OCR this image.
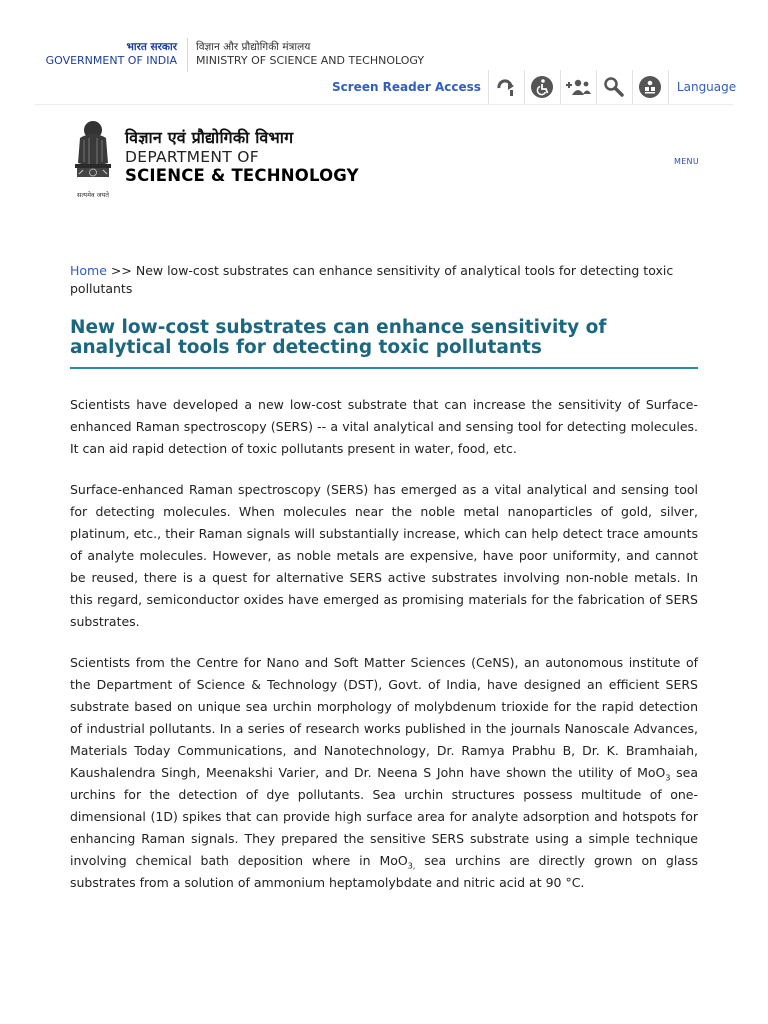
भारत सरकार
GOVERNMENT OF INDIA
विज्ञान और प्रौद्योगिकी मंत्रालय
MINISTRY OF SCIENCE AND TECHNOLOGY
Screen Reader Access	Language
सत्यमेव जयते
विज्ञान एवं प्रौद्योगिकी विभाग
DEPARTMENT OF
SCIENCE & TECHNOLOGY
MENU
Home >> New low-cost substrates can enhance sensitivity of analytical tools for detecting toxic pollutants
New low-cost substrates can enhance sensitivity of analytical tools for detecting toxic pollutants

Scientists have developed a new low-cost substrate that can increase the sensitivity of Surface-enhanced Raman spectroscopy (SERS) -- a vital analytical and sensing tool for detecting molecules. It can aid rapid detection of toxic pollutants present in water, food, etc.

Surface-enhanced Raman spectroscopy (SERS) has emerged as a vital analytical and sensing tool for detecting molecules. When molecules near the noble metal nanoparticles of gold, silver, platinum, etc., their Raman signals will substantially increase, which can help detect trace amounts of analyte molecules. However, as noble metals are expensive, have poor uniformity, and cannot be reused, there is a quest for alternative SERS active substrates involving non-noble metals. In this regard, semiconductor oxides have emerged as promising materials for the fabrication of SERS substrates.

Scientists from the Centre for Nano and Soft Matter Sciences (CeNS), an autonomous institute of the Department of Science & Technology (DST), Govt. of India, have designed an efficient SERS substrate based on unique sea urchin morphology of molybdenum trioxide for the rapid detection of industrial pollutants. In a series of research works published in the journals Nanoscale Advances, Materials Today Communications, and Nanotechnology, Dr. Ramya Prabhu B, Dr. K. Bramhaiah, Kaushalendra Singh, Meenakshi Varier, and Dr. Neena S John have shown the utility of MoO$_3$ sea urchins for the detection of dye pollutants. Sea urchin structures possess multitude of one-dimensional (1D) spikes that can provide high surface area for analyte adsorption and hotspots for enhancing Raman signals. They prepared the sensitive SERS substrate using a simple technique involving chemical bath deposition where in MoO$_{3,}$ sea urchins are directly grown on glass substrates from a solution of ammonium heptamolybdate and nitric acid at 90 °C.
